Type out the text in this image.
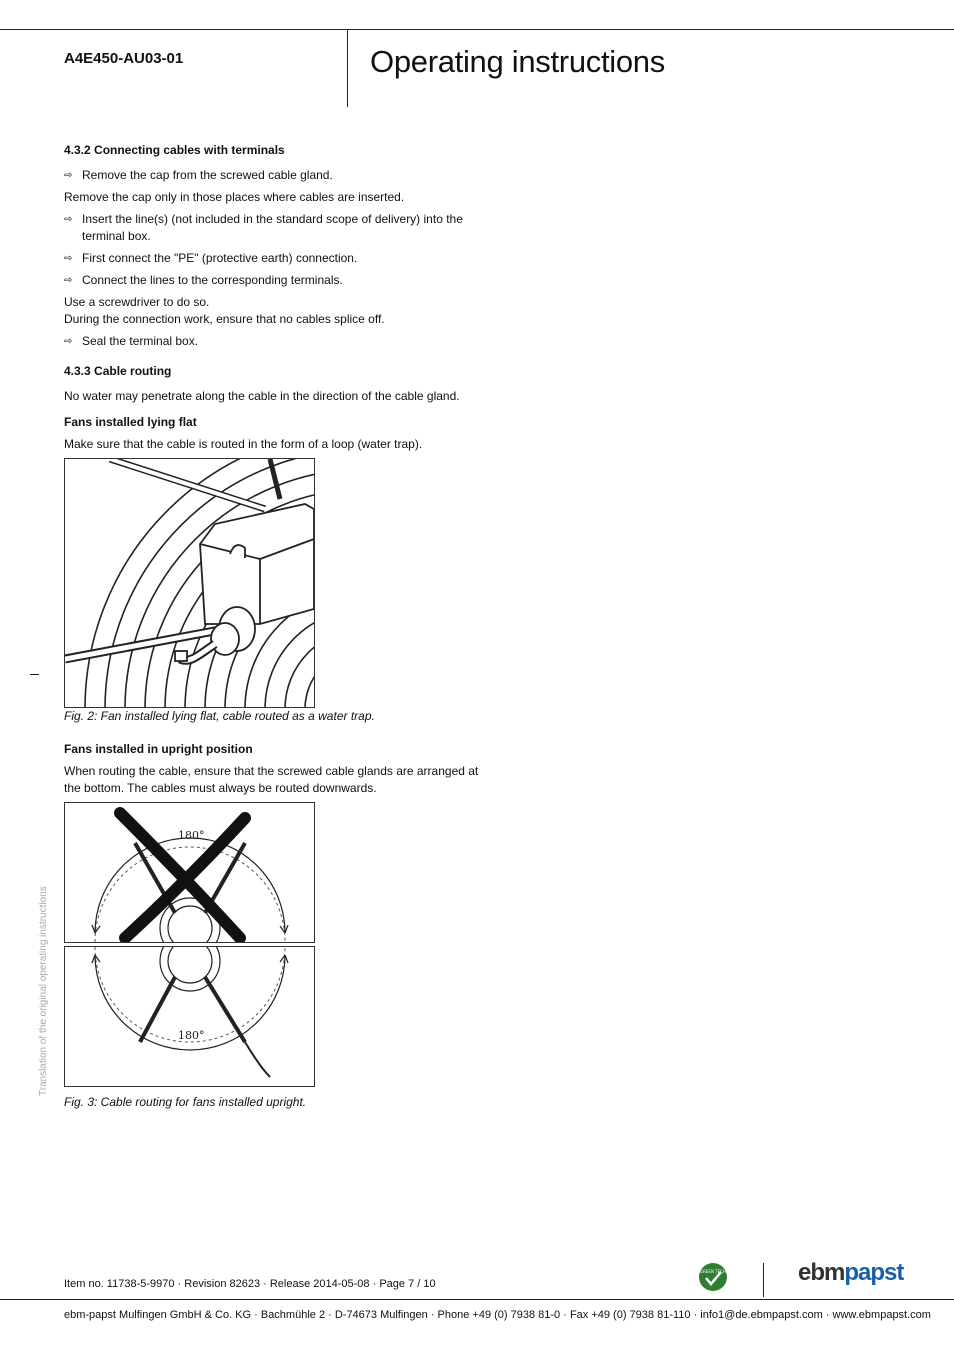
A4E450-AU03-01	Operating instructions
4.3.2 Connecting cables with terminals
⇨ Remove the cap from the screwed cable gland.

Remove the cap only in those places where cables are inserted.

⇨ Insert the line(s) (not included in the standard scope of delivery) into the terminal box.
⇨ First connect the "PE" (protective earth) connection.
⇨ Connect the lines to the corresponding terminals.

Use a screwdriver to do so.

During the connection work, ensure that no cables splice off.

⇨ Seal the terminal box.
4.3.3 Cable routing

No water may penetrate along the cable in the direction of the cable gland.

Fans installed lying flat

Make sure that the cable is routed in the form of a loop (water trap).

Fig. 2: Fan installed lying flat, cable routed as a water trap.

Fans installed in upright position

When routing the cable, ensure that the screwed cable glands are arranged at the bottom. The cables must always be routed downwards.

180°
180°

Fig. 3: Cable routing for fans installed upright.

Translation of the original operating instructions
Item no. 11738-5-9970 · Revision 82623 · Release 2014-05-08 · Page 7 / 10
GREEN TECH	ebmpapst
ebm-papst Mulfingen GmbH & Co. KG · Bachmühle 2 · D-74673 Mulfingen · Phone +49 (0) 7938 81-0 · Fax +49 (0) 7938 81-110 · info1@de.ebmpapst.com · www.ebmpapst.com
